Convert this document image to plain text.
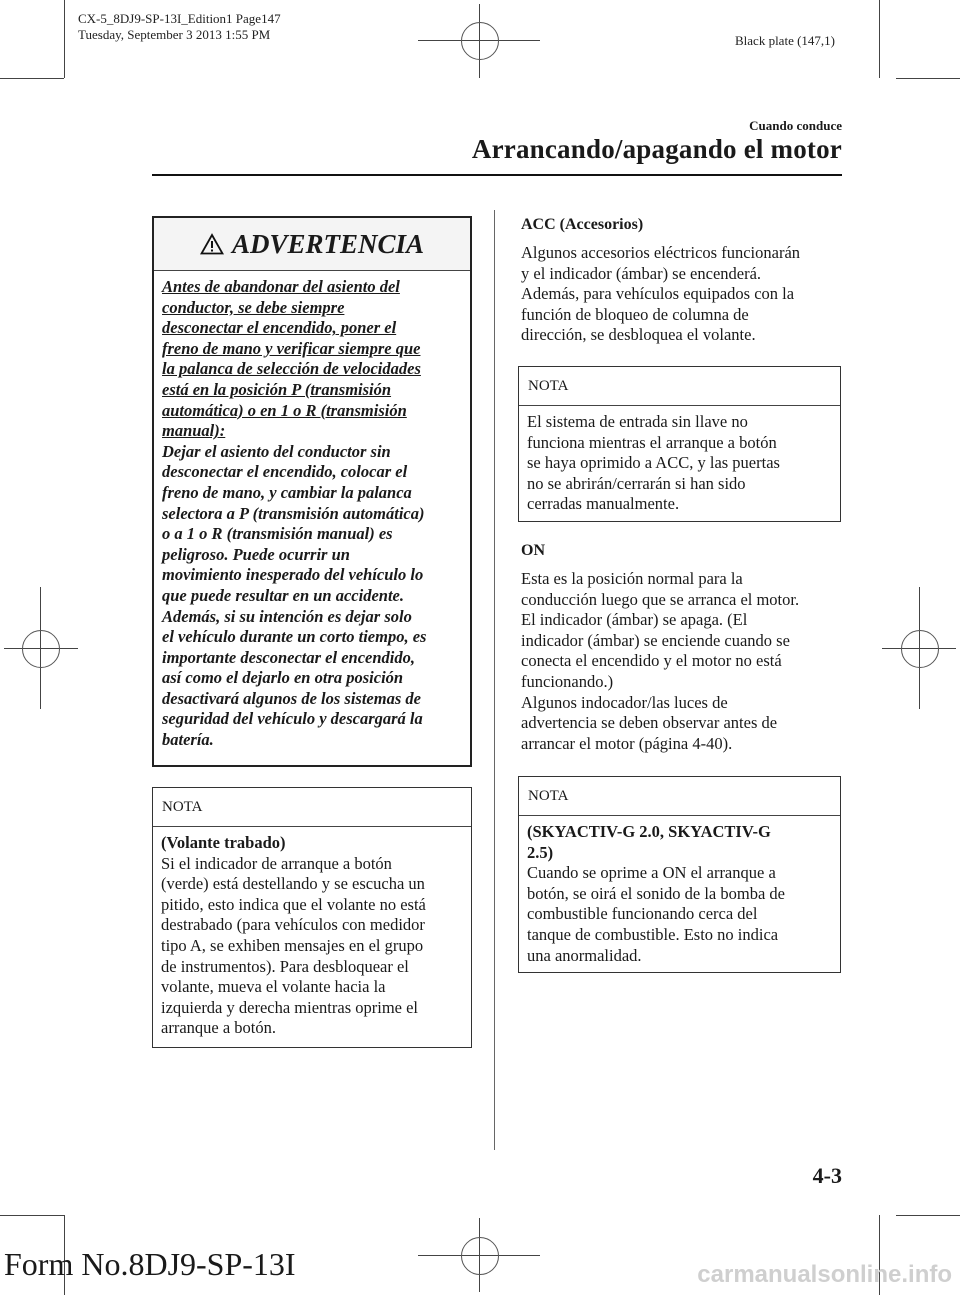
CX-5_8DJ9-SP-13I_Edition1 Page147
Tuesday, September 3 2013 1:55 PM	Black plate (147,1)
Cuando conduce
Arrancando/apagando el motor
ADVERTENCIA
Antes de abandonar del asiento del
conductor, se debe siempre
desconectar el encendido, poner el
freno de mano y verificar siempre que
la palanca de selección de velocidades
está en la posición P (transmisión
automática) o en 1 o R (transmisión
manual):
Dejar el asiento del conductor sin
desconectar el encendido, colocar el
freno de mano, y cambiar la palanca
selectora a P (transmisión automática)
o a 1 o R (transmisión manual) es
peligroso. Puede ocurrir un
movimiento inesperado del vehículo lo
que puede resultar en un accidente.
Además, si su intención es dejar solo
el vehículo durante un corto tiempo, es
importante desconectar el encendido,
así como el dejarlo en otra posición
desactivará algunos de los sistemas de
seguridad del vehículo y descargará la
batería.
NOTA
(Volante trabado)
Si el indicador de arranque a botón
(verde) está destellando y se escucha un
pitido, esto indica que el volante no está
destrabado (para vehículos con medidor
tipo A, se exhiben mensajes en el grupo
de instrumentos). Para desbloquear el
volante, mueva el volante hacia la
izquierda y derecha mientras oprime el
arranque a botón.
ACC (Accesorios)
Algunos accesorios eléctricos funcionarán
y el indicador (ámbar) se encenderá.
Además, para vehículos equipados con la
función de bloqueo de columna de
dirección, se desbloquea el volante.
NOTA
El sistema de entrada sin llave no
funciona mientras el arranque a botón
se haya oprimido a ACC, y las puertas
no se abrirán/cerrarán si han sido
cerradas manualmente.
ON
Esta es la posición normal para la
conducción luego que se arranca el motor.
El indicador (ámbar) se apaga. (El
indicador (ámbar) se enciende cuando se
conecta el encendido y el motor no está
funcionando.)
Algunos indocador/las luces de
advertencia se deben observar antes de
arrancar el motor (página 4-40).
NOTA
(SKYACTIV-G 2.0, SKYACTIV-G
2.5)
Cuando se oprime a ON el arranque a
botón, se oirá el sonido de la bomba de
combustible funcionando cerca del
tanque de combustible. Esto no indica
una anormalidad.
4-3
Form No.8DJ9-SP-13I	carmanualsonline.info
